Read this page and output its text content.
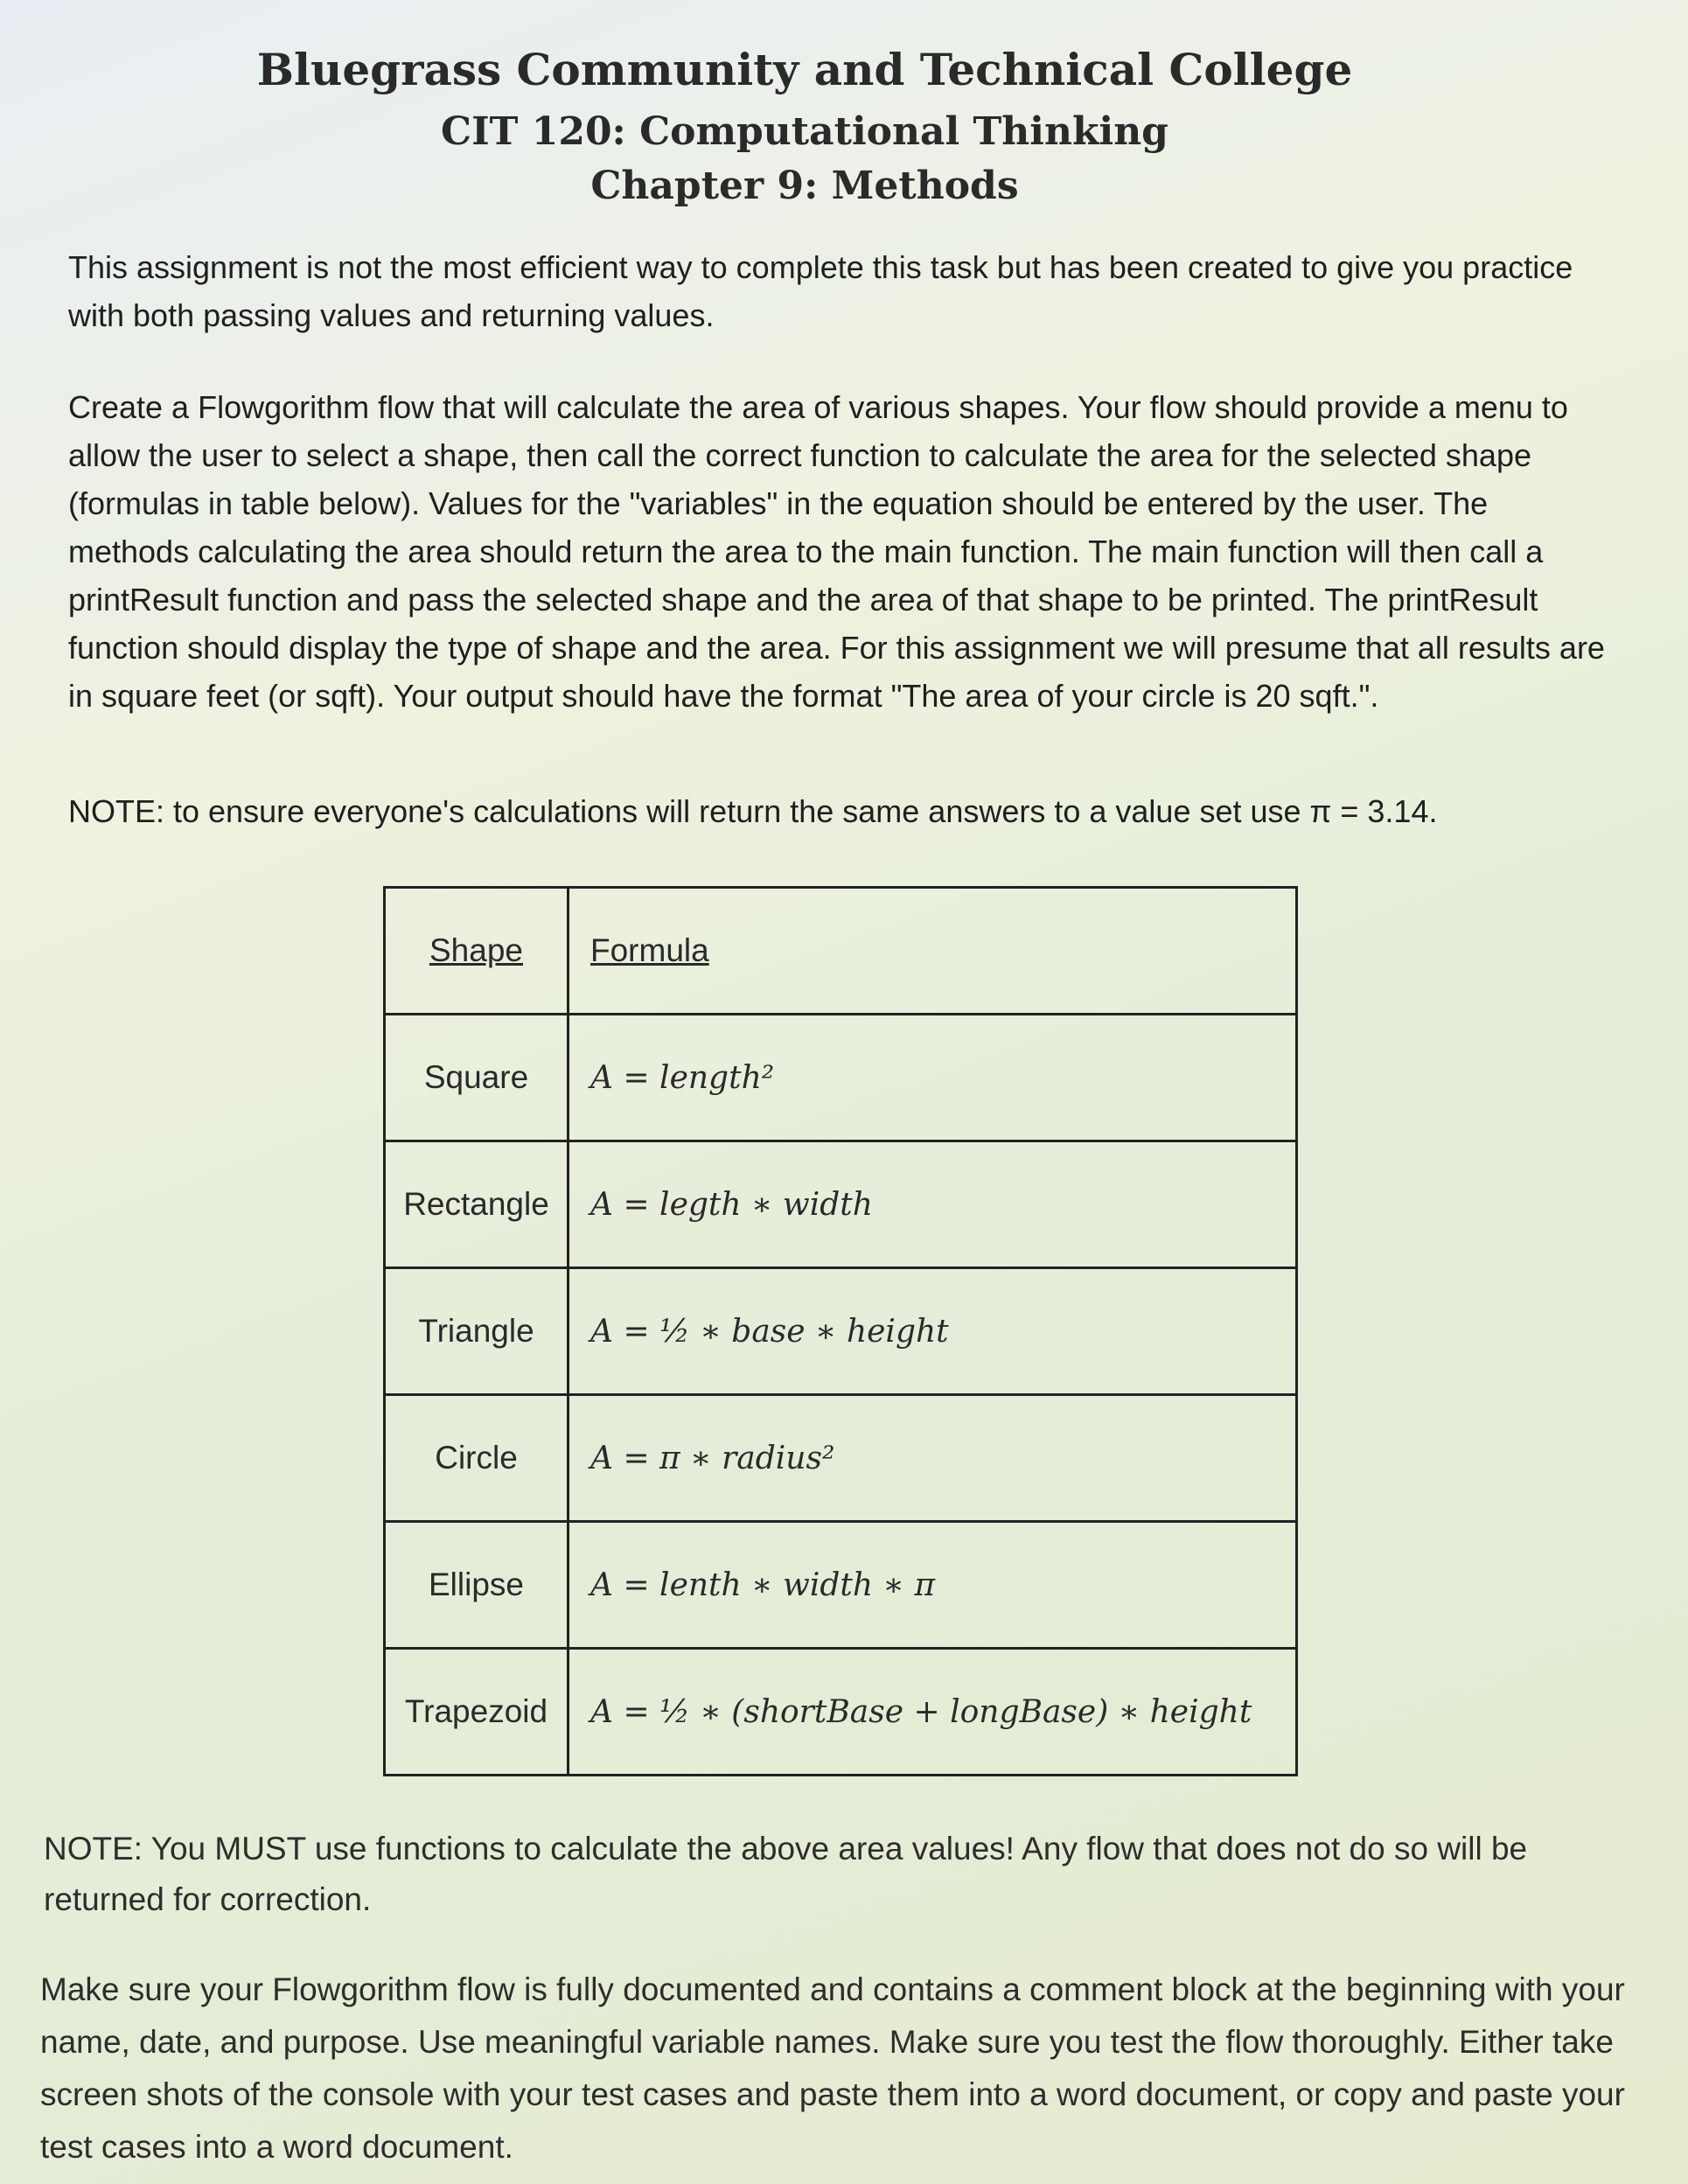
Bluegrass Community and Technical College
CIT 120: Computational Thinking
Chapter 9: Methods
This assignment is not the most efficient way to complete this task but has been created to give you practice with both passing values and returning values.
Create a Flowgorithm flow that will calculate the area of various shapes. Your flow should provide a menu to allow the user to select a shape, then call the correct function to calculate the area for the selected shape (formulas in table below). Values for the "variables" in the equation should be entered by the user. The methods calculating the area should return the area to the main function. The main function will then call a printResult function and pass the selected shape and the area of that shape to be printed. The printResult function should display the type of shape and the area. For this assignment we will presume that all results are in square feet (or sqft). Your output should have the format "The area of your circle is 20 sqft.".
NOTE: to ensure everyone's calculations will return the same answers to a value set use π = 3.14.
Shape	Formula
Square	A = length²
Rectangle	A = legth ∗ width
Triangle	A = ½ ∗ base ∗ height
Circle	A = π ∗ radius²
Ellipse	A = lenth ∗ width ∗ π
Trapezoid	A = ½ ∗ (shortBase + longBase) ∗ height
NOTE: You MUST use functions to calculate the above area values! Any flow that does not do so will be returned for correction.
Make sure your Flowgorithm flow is fully documented and contains a comment block at the beginning with your name, date, and purpose. Use meaningful variable names. Make sure you test the flow thoroughly. Either take screen shots of the console with your test cases and paste them into a word document, or copy and paste your test cases into a word document.
